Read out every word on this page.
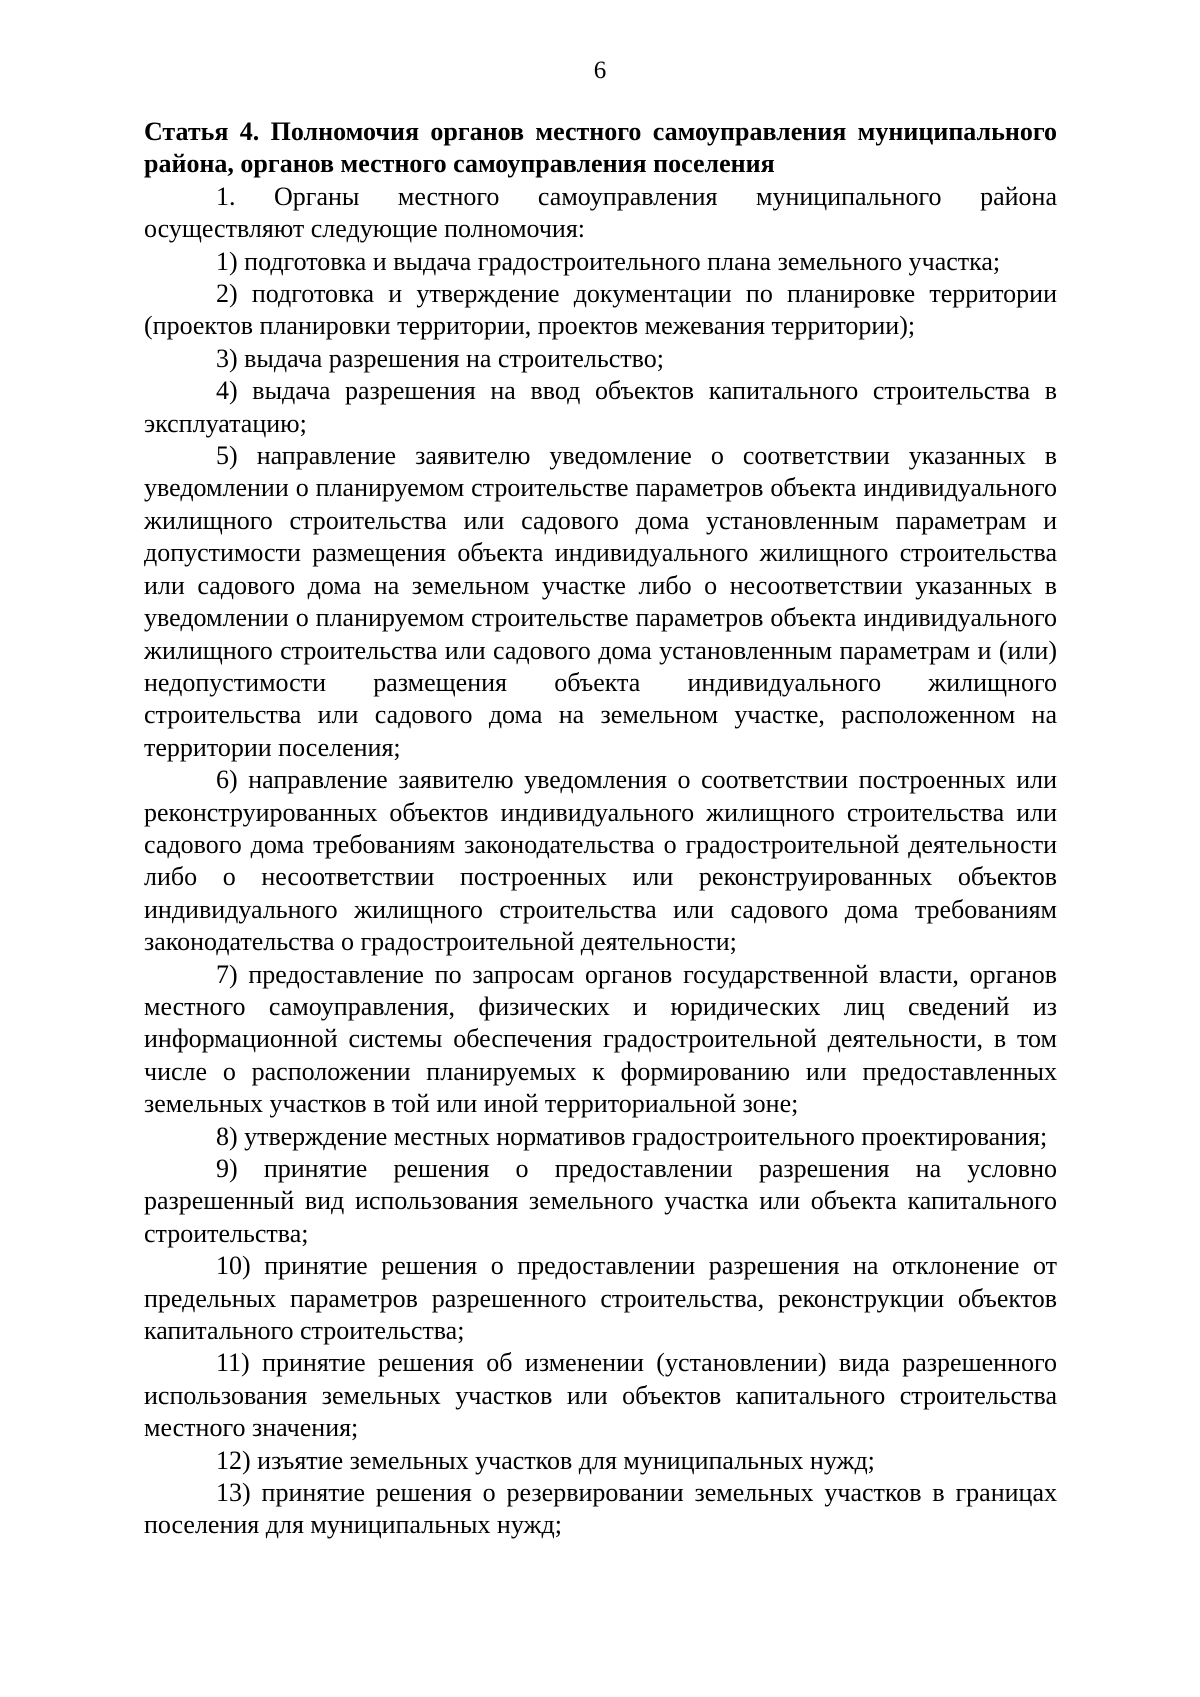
6

Статья 4. Полномочия органов местного самоуправления муниципального района, органов местного самоуправления поселения

1. Органы местного самоуправления муниципального района осуществляют следующие полномочия:

1) подготовка и выдача градостроительного плана земельного участка;

2) подготовка и утверждение документации по планировке территории (проектов планировки территории, проектов межевания территории);

3) выдача разрешения на строительство;

4) выдача разрешения на ввод объектов капитального строительства в эксплуатацию;

5) направление заявителю уведомление о соответствии указанных в уведомлении о планируемом строительстве параметров объекта индивидуального жилищного строительства или садового дома установленным параметрам и допустимости размещения объекта индивидуального жилищного строительства или садового дома на земельном участке либо о несоответствии указанных в уведомлении о планируемом строительстве параметров объекта индивидуального жилищного строительства или садового дома установленным параметрам и (или) недопустимости размещения объекта индивидуального жилищного строительства или садового дома на земельном участке, расположенном на территории поселения;

6) направление заявителю уведомления о соответствии построенных или реконструированных объектов индивидуального жилищного строительства или садового дома требованиям законодательства о градостроительной деятельности либо о несоответствии построенных или реконструированных объектов индивидуального жилищного строительства или садового дома требованиям законодательства о градостроительной деятельности;

7) предоставление по запросам органов государственной власти, органов местного самоуправления, физических и юридических лиц сведений из информационной системы обеспечения градостроительной деятельности, в том числе о расположении планируемых к формированию или предоставленных земельных участков в той или иной территориальной зоне;

8) утверждение местных нормативов градостроительного проектирования;

9) принятие решения о предоставлении разрешения на условно разрешенный вид использования земельного участка или объекта капитального строительства;

10) принятие решения о предоставлении разрешения на отклонение от предельных параметров разрешенного строительства, реконструкции объектов капитального строительства;

11) принятие решения об изменении (установлении) вида разрешенного использования земельных участков или объектов капитального строительства местного значения;

12) изъятие земельных участков для муниципальных нужд;

13) принятие решения о резервировании земельных участков в границах поселения для муниципальных нужд;
